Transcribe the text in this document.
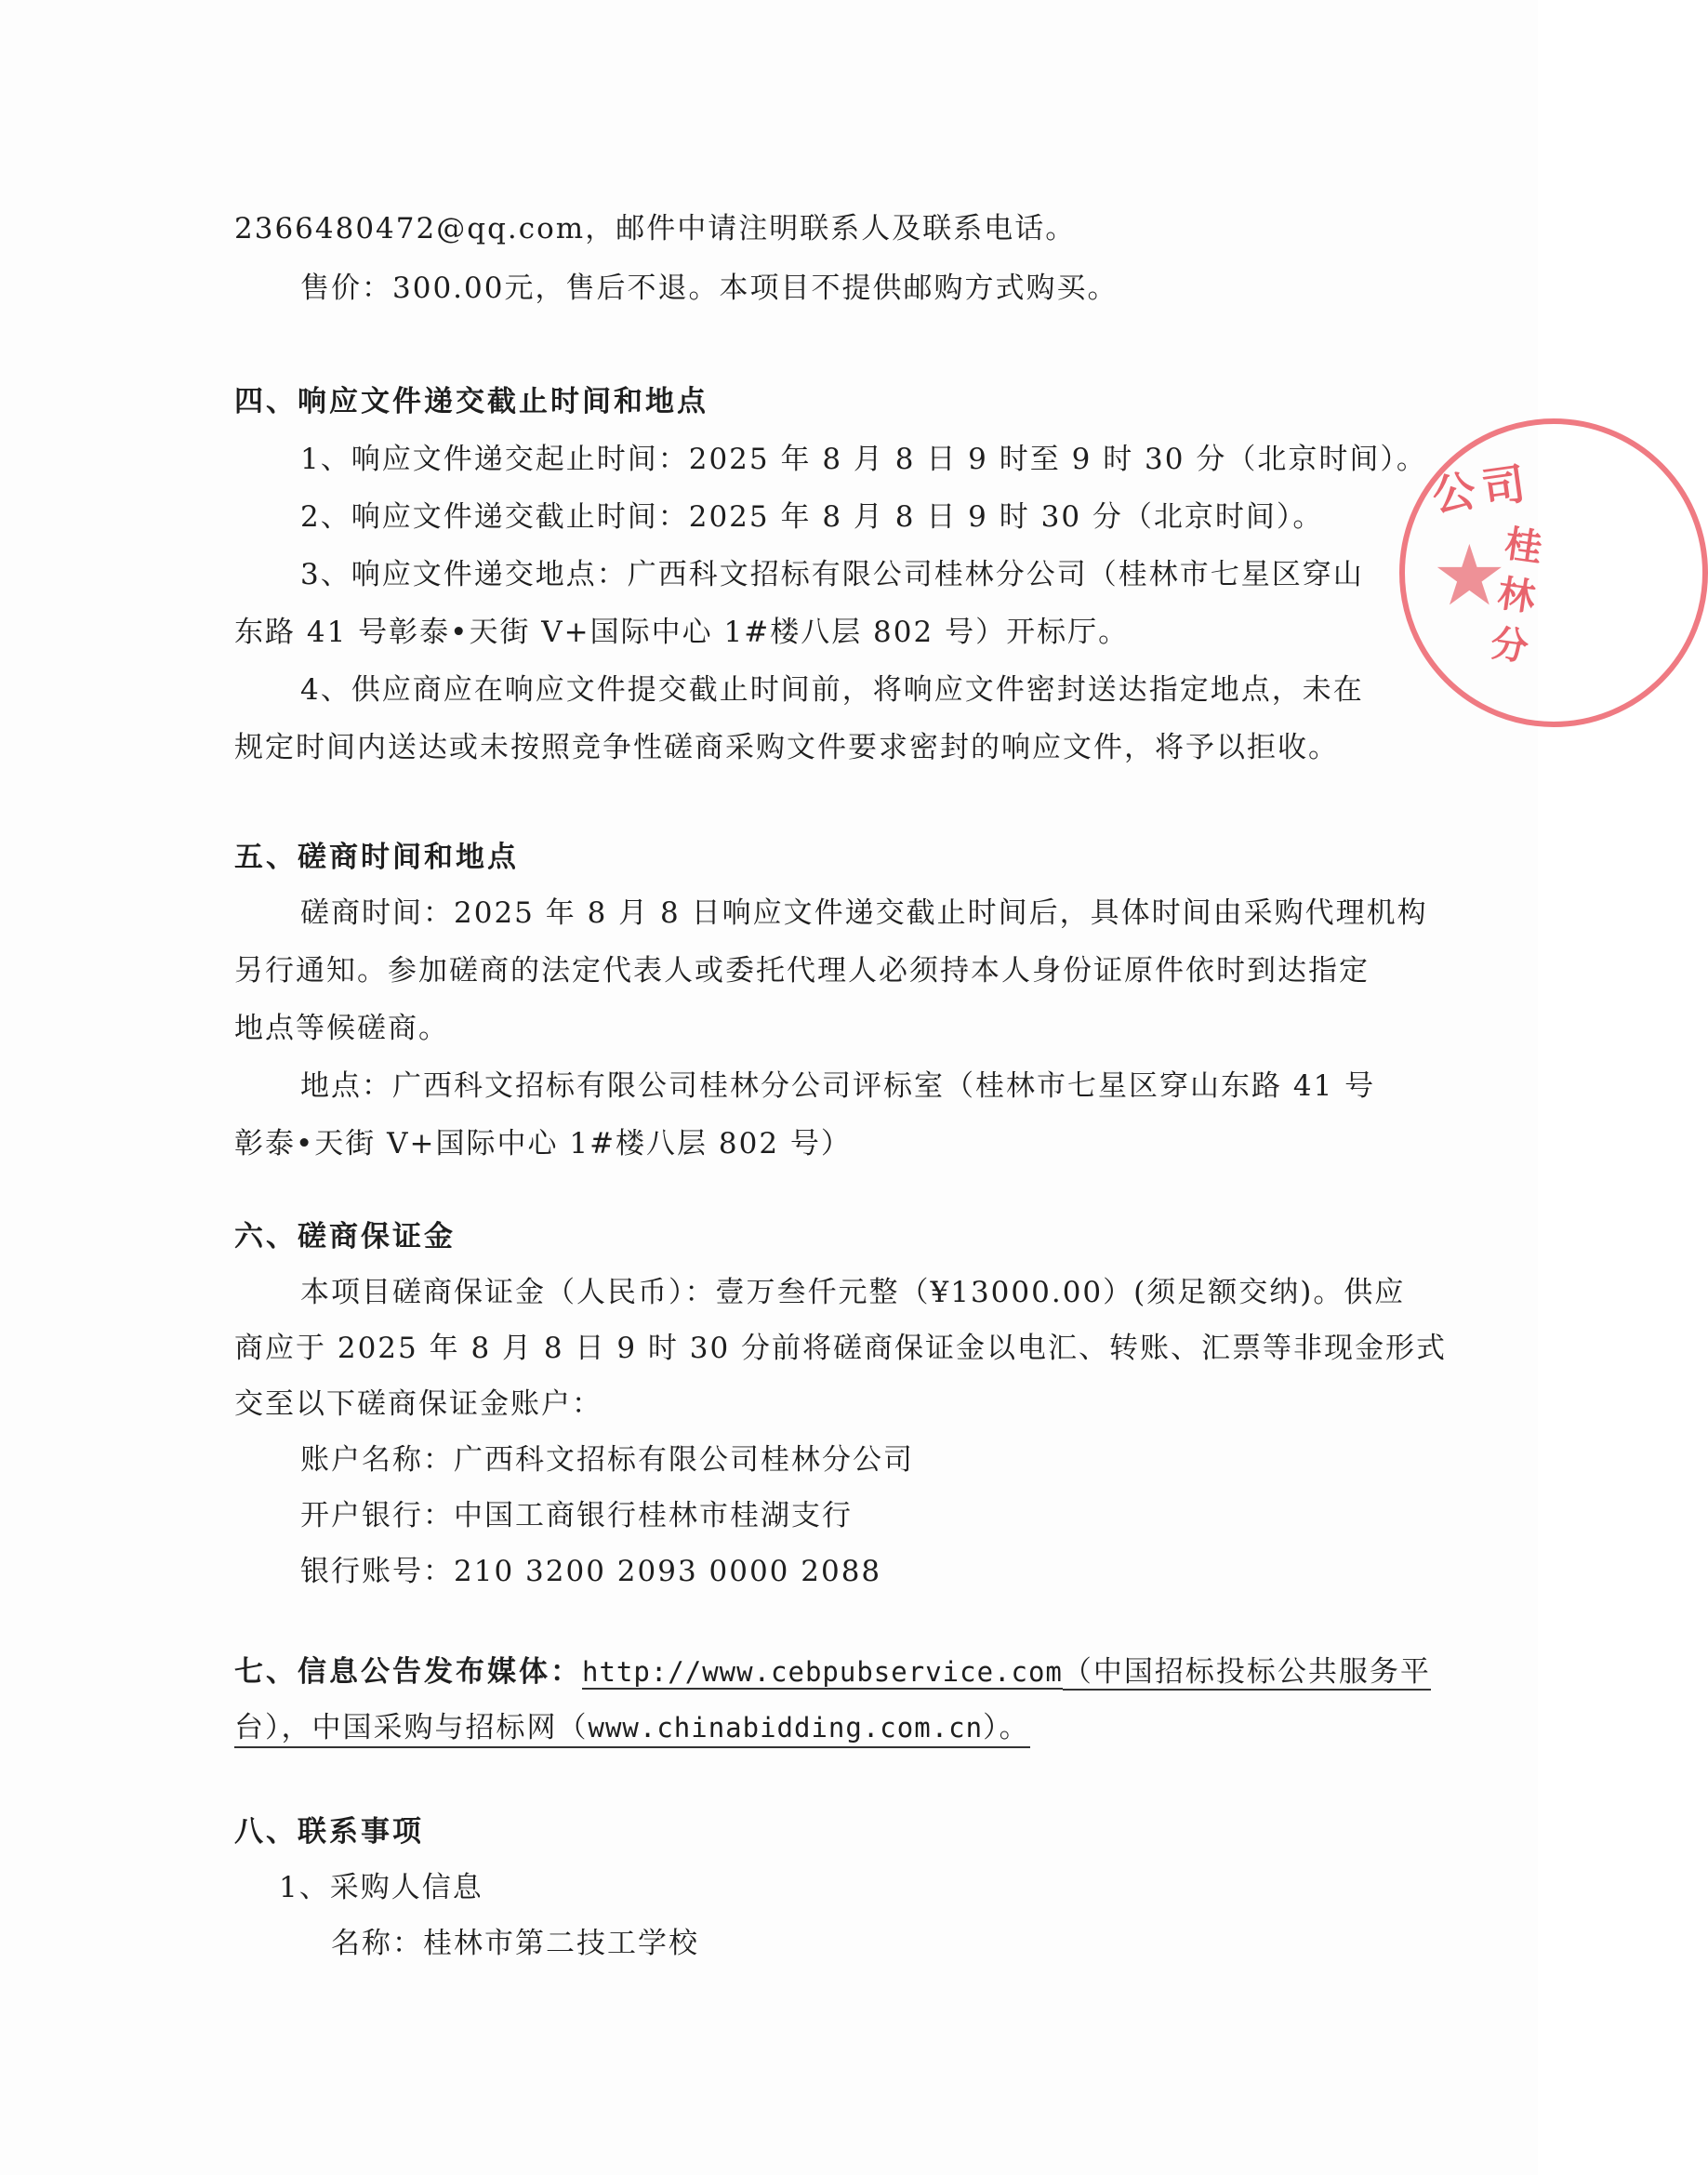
2366480472@qq.com，邮件中请注明联系人及联系电话。
售价：300.00元，售后不退。本项目不提供邮购方式购买。
四、响应文件递交截止时间和地点
1、响应文件递交起止时间：2025 年 8 月 8 日 9 时至 9 时 30 分（北京时间）。
2、响应文件递交截止时间：2025 年 8 月 8 日 9 时 30 分（北京时间）。
3、响应文件递交地点：广西科文招标有限公司桂林分公司（桂林市七星区穿山
东路 41 号彰泰•天街 V+国际中心 1#楼八层 802 号）开标厅。
4、供应商应在响应文件提交截止时间前，将响应文件密封送达指定地点，未在
规定时间内送达或未按照竞争性磋商采购文件要求密封的响应文件，将予以拒收。
五、磋商时间和地点
磋商时间：2025 年 8 月 8 日响应文件递交截止时间后，具体时间由采购代理机构
另行通知。参加磋商的法定代表人或委托代理人必须持本人身份证原件依时到达指定
地点等候磋商。
地点：广西科文招标有限公司桂林分公司评标室（桂林市七星区穿山东路 41 号
彰泰•天街 V+国际中心 1#楼八层 802 号）
六、磋商保证金
本项目磋商保证金（人民币）：壹万叁仟元整（¥13000.00）(须足额交纳)。供应
商应于 2025 年 8 月 8 日 9 时 30 分前将磋商保证金以电汇、转账、汇票等非现金形式
交至以下磋商保证金账户：
账户名称：广西科文招标有限公司桂林分公司
开户银行：中国工商银行桂林市桂湖支行
银行账号：210 3200 2093 0000 2088
七、信息公告发布媒体：http://www.cebpubservice.com（中国招标投标公共服务平
台），中国采购与招标网（www.chinabidding.com.cn）。
八、联系事项
1、采购人信息
名称：桂林市第二技工学校
公司
桂林分
★
